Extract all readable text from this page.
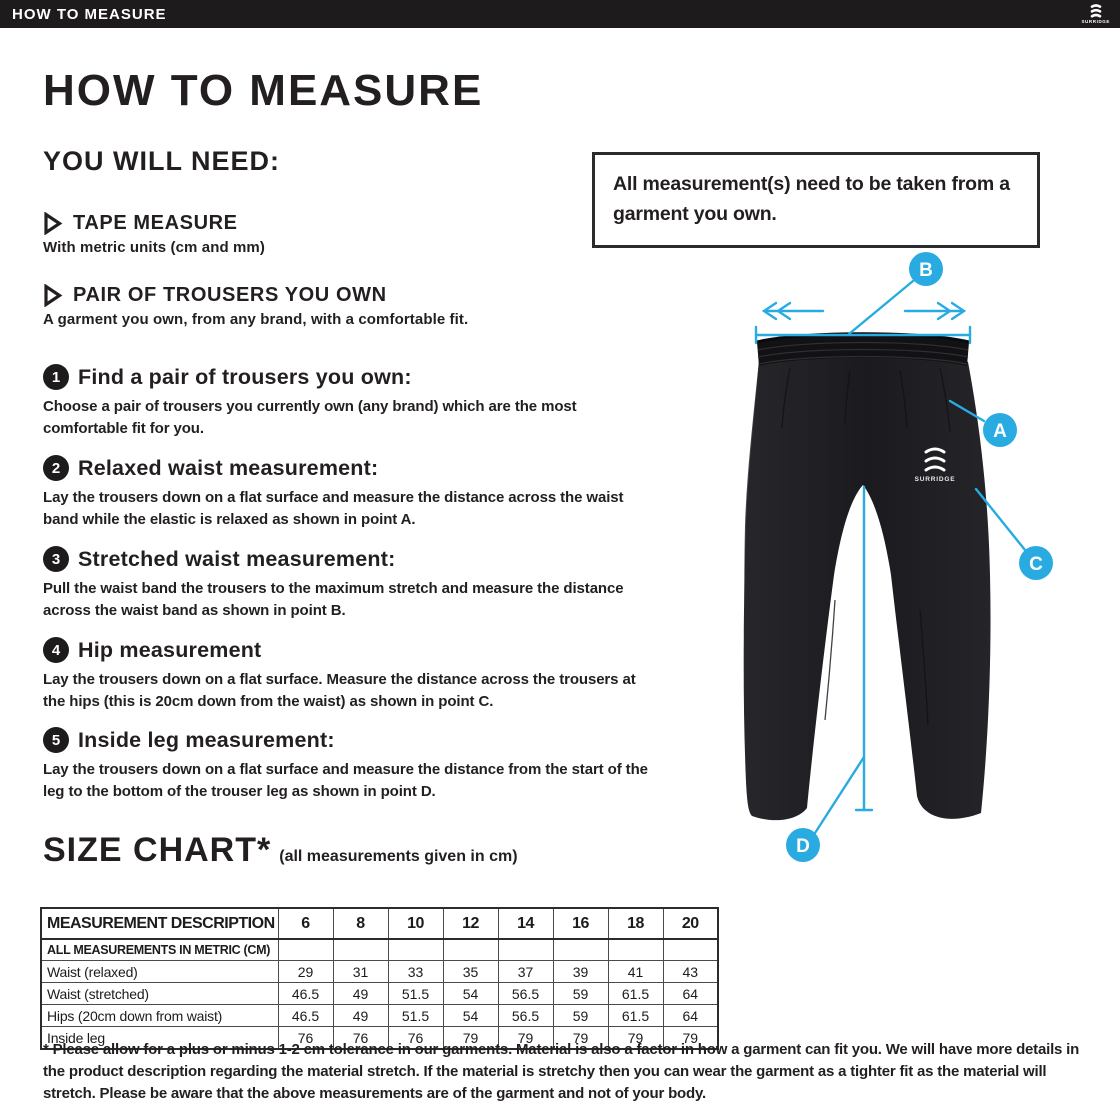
HOW TO MEASURE	SURRIDGE
HOW TO MEASURE
YOU WILL NEED:
TAPE MEASURE
With metric units (cm and mm)
PAIR OF TROUSERS YOU OWN
A garment you own, from any brand, with a comfortable fit.
All measurement(s) need to be taken from a garment you own.
1 Find a pair of trousers you own:
Choose a pair of trousers you currently own (any brand) which are the most comfortable fit for you.
2 Relaxed waist measurement:
Lay the trousers down on a flat surface and measure the distance across the waist band while the elastic is relaxed as shown in point A.
3 Stretched waist measurement:
Pull the waist band the trousers to the maximum stretch and measure the distance across the waist band as shown in point B.
4 Hip measurement
Lay the trousers down on a flat surface. Measure the distance across the trousers at the hips (this is 20cm down from the waist) as shown in point C.
5 Inside leg measurement:
Lay the trousers down on a flat surface and measure the distance from the start of the leg to the bottom of the trouser leg as shown in point D.
SURRIDGE
B
A
C
D
SIZE CHART* (all measurements given in cm)
MEASUREMENT DESCRIPTION	6	8	10	12	14	16	18	20
ALL MEASUREMENTS IN METRIC (CM)								
Waist (relaxed)	29	31	33	35	37	39	41	43
Waist (stretched)	46.5	49	51.5	54	56.5	59	61.5	64
Hips (20cm down from waist)	46.5	49	51.5	54	56.5	59	61.5	64
Inside leg	76	76	76	79	79	79	79	79
* Please allow for a plus or minus 1-2 cm tolerance in our garments. Material is also a factor in how a garment can fit you. We will have more details in the product description regarding the material stretch. If the material is stretchy then you can wear the garment as a tighter fit as the material will stretch. Please be aware that the above measurements are of the garment and not of your body.
